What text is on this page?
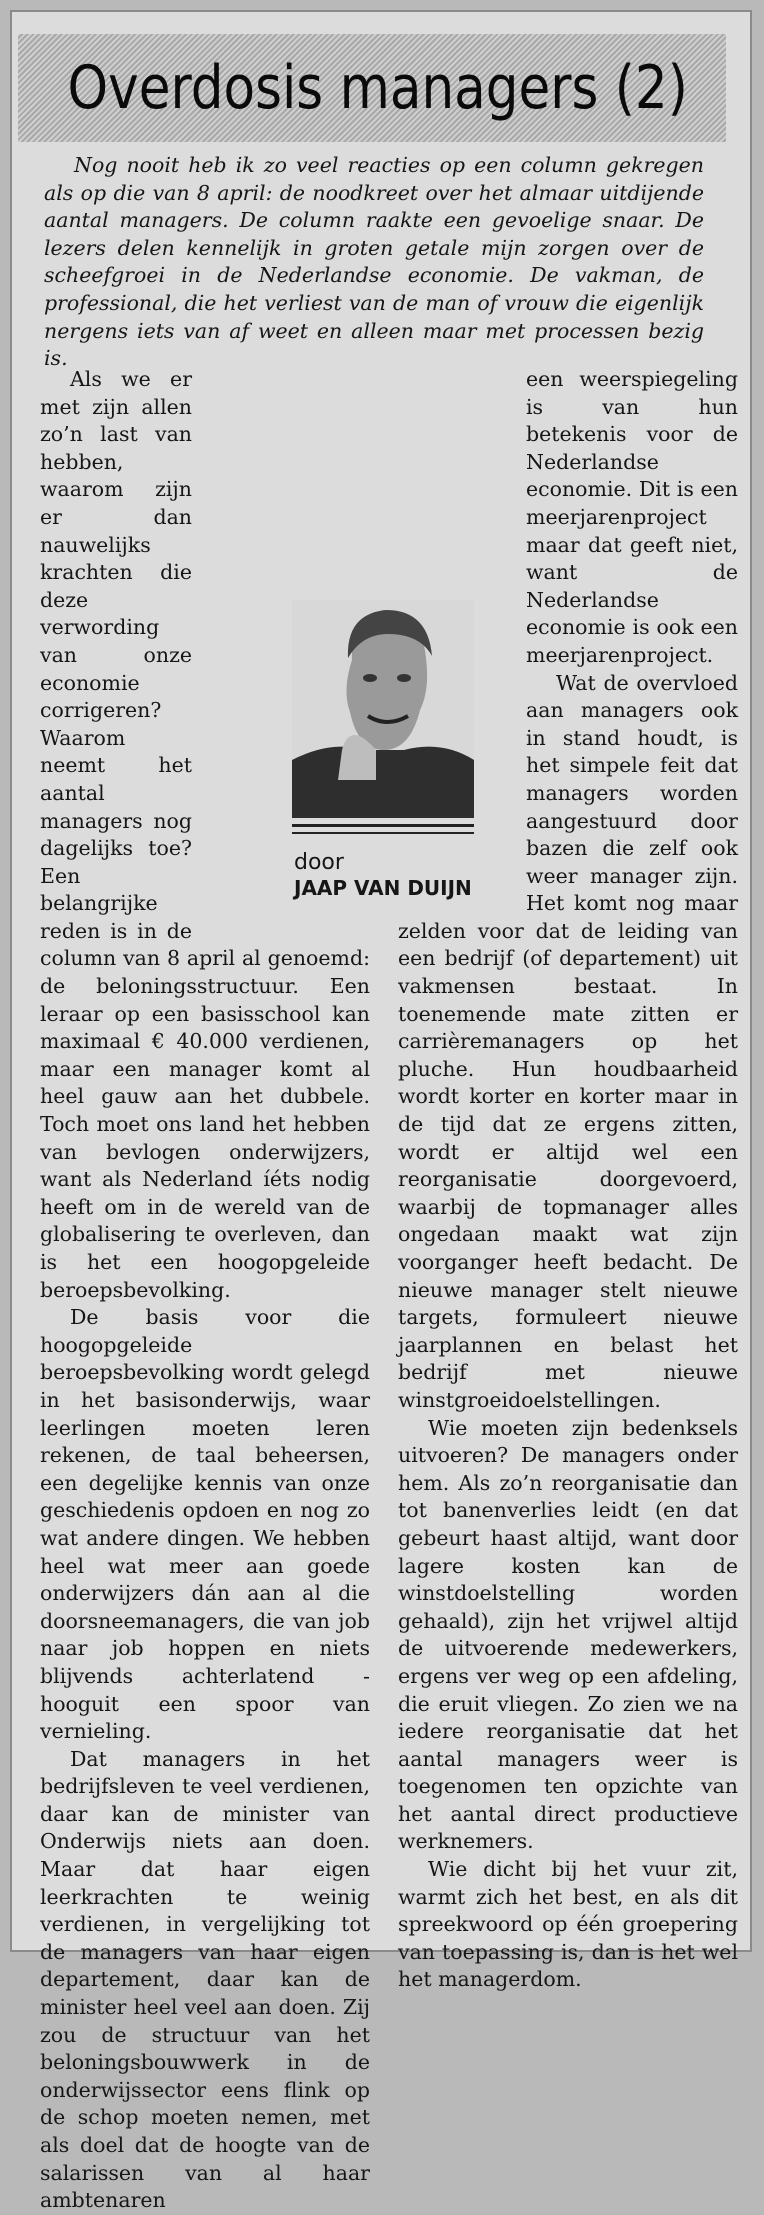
Overdosis managers (2)

Nog nooit heb ik zo veel reacties op een column gekregen als op die van 8 april: de noodkreet over het almaar uitdijende aantal managers. De column raakte een gevoelige snaar. De lezers delen kennelijk in groten getale mijn zorgen over de scheefgroei in de Nederlandse economie. De vakman, de professional, die het verliest van de man of vrouw die eigenlijk nergens iets van af weet en alleen maar met processen bezig is.

Als we er met zijn allen zo’n last van hebben, waarom zijn er dan nauwelijks krachten die deze verwording van onze economie corrigeren? Waarom neemt het aantal managers nog dagelijks toe? Een belangrijke reden is in de column van 8 april al genoemd: de beloningsstructuur. Een leraar op een basisschool kan maximaal € 40.000 verdienen, maar een manager komt al heel gauw aan het dubbele. Toch moet ons land het hebben van bevlogen onderwijzers, want als Nederland íéts nodig heeft om in de wereld van de globalisering te overleven, dan is het een hoogopgeleide beroepsbevolking.

De basis voor die hoogopgeleide beroepsbevolking wordt gelegd in het basisonderwijs, waar leerlingen moeten leren rekenen, de taal beheersen, een degelijke kennis van onze geschiedenis opdoen en nog zo wat andere dingen. We hebben heel wat meer aan goede onderwijzers dán aan al die doorsneemanagers, die van job naar job hoppen en niets blijvends achterlatend - hooguit een spoor van vernieling.

Dat managers in het bedrijfsleven te veel verdienen, daar kan de minister van Onderwijs niets aan doen. Maar dat haar eigen leerkrachten te weinig verdienen, in vergelijking tot de managers van haar eigen departement, daar kan de minister heel veel aan doen. Zij zou de structuur van het beloningsbouwwerk in de onderwijssector eens flink op de schop moeten nemen, met als doel dat de hoogte van de salarissen van al haar ambtenaren

een weerspiegeling is van hun betekenis voor de Nederlandse economie. Dit is een meerjarenproject maar dat geeft niet, want de Nederlandse economie is ook een meerjarenproject.

Wat de overvloed aan managers ook in stand houdt, is het simpele feit dat managers worden aangestuurd door bazen die zelf ook weer manager zijn. Het komt nog maar zelden voor dat de leiding van een bedrijf (of departement) uit vakmensen bestaat. In toenemende mate zitten er carrièremanagers op het pluche. Hun houdbaarheid wordt korter en korter maar in de tijd dat ze ergens zitten, wordt er altijd wel een reorganisatie doorgevoerd, waarbij de topmanager alles ongedaan maakt wat zijn voorganger heeft bedacht. De nieuwe manager stelt nieuwe targets, formuleert nieuwe jaarplannen en belast het bedrijf met nieuwe winstgroeidoelstellingen.

Wie moeten zijn bedenksels uitvoeren? De managers onder hem. Als zo’n reorganisatie dan tot banenverlies leidt (en dat gebeurt haast altijd, want door lagere kosten kan de winstdoelstelling worden gehaald), zijn het vrijwel altijd de uitvoerende medewerkers, ergens ver weg op een afdeling, die eruit vliegen. Zo zien we na iedere reorganisatie dat het aantal managers weer is toegenomen ten opzichte van het aantal direct productieve werknemers.

Wie dicht bij het vuur zit, warmt zich het best, en als dit spreekwoord op één groepering van toepassing is, dan is het wel het managerdom.

door
JAAP VAN DUIJN
